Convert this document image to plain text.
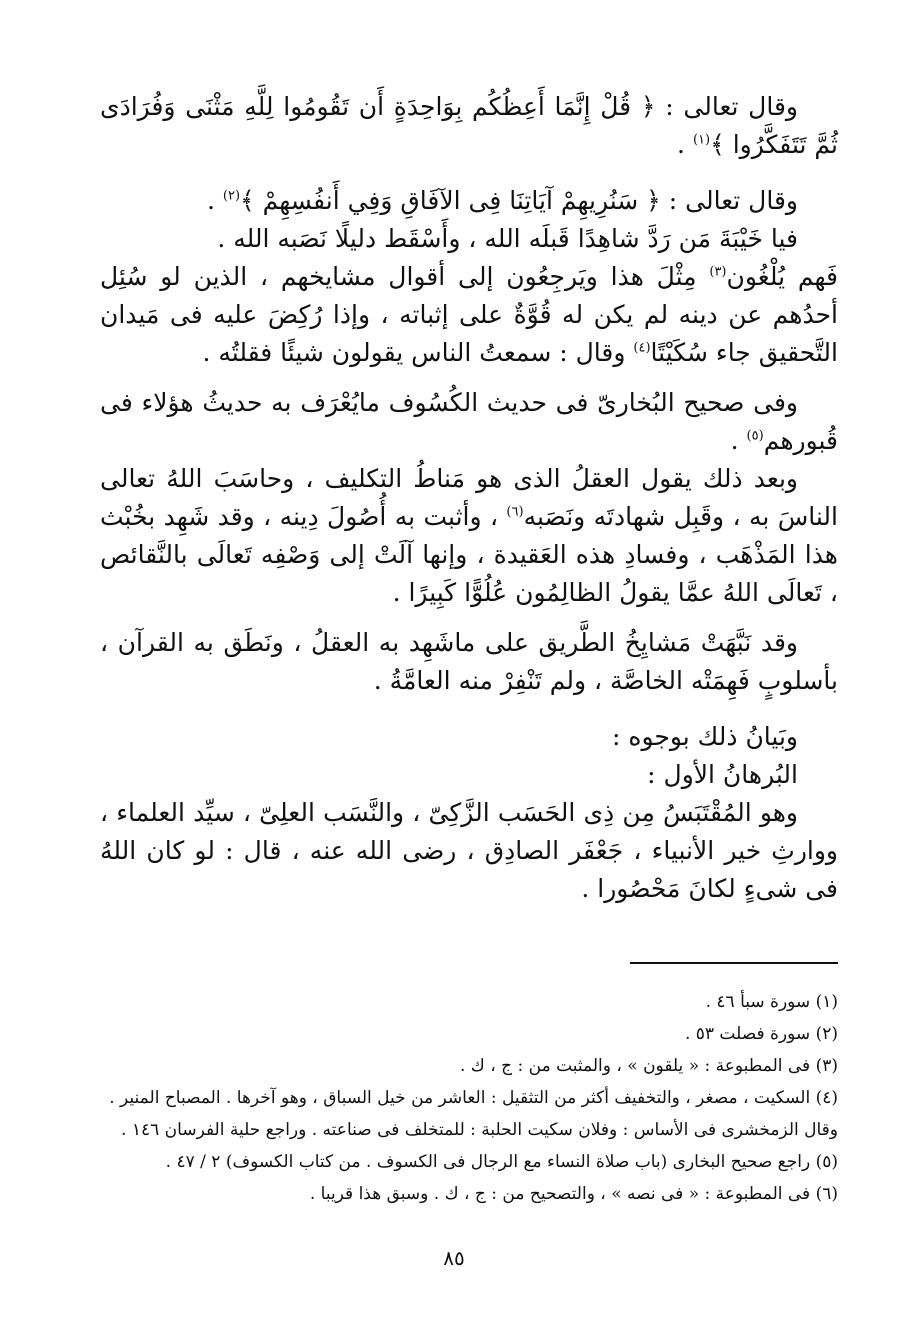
وقال تعالى : ﴿ قُلْ إِنَّمَا أَعِظُكُم بِوَاحِدَةٍ أَن تَقُومُوا لِلَّهِ مَثْنَى وَفُرَادَى ثُمَّ تَتَفَكَّرُوا ﴾$^{(١)}$ .

وقال تعالى : ﴿ سَنُرِيهِمْ آيَاتِنَا فِى الآفَاقِ وَفِي أَنفُسِهِمْ ﴾$^{(٢)}$ .

فيا خَيْبَةَ مَن رَدَّ شاهِدًا قَبلَه الله ، وأَسْقَط دليلًا نَصَبه الله .

فَهم يُلْغُون$^{(٣)}$ مِثْلَ هذا ويَرجِعُون إلى أقوال مشايخهم ، الذين لو سُئِل أحدُهم عن دينه لم يكن له قُوَّةٌ على إثباته ، وإذا رُكِضَ عليه فى مَيدان التَّحقيق جاء سُكَيْتًا$^{(٤)}$ وقال : سمعتُ الناس يقولون شيئًا فقلتُه .

وفى صحيح البُخارىّ فى حديث الكُسُوف مايُعْرَف به حديثُ هؤلاء فى قُبورهم$^{(٥)}$ .

وبعد ذلك يقول العقلُ الذى هو مَناطُ التكليف ، وحاسَبَ اللهُ تعالى الناسَ به ، وقَبِل شهادتَه ونَصَبه$^{(٦)}$ ، وأثبت به أُصُولَ دِينه ، وقد شَهِد بخُبْث هذا المَذْهَب ، وفسادِ هذه العَقيدة ، وإنها آلَتْ إلى وَصْفِه تَعالَى بالنَّقائص ، تَعالَى اللهُ عمَّا يقولُ الظالِمُون عُلُوًّا كَبِيرًا .

وقد نَبَّهَتْ مَشايِخُ الطَّريق على ماشَهِد به العقلُ ، ونَطَق به القرآن ، بأسلوبٍ فَهِمَتْه الخاصَّة ، ولم تَنْفِرْ منه العامَّةُ .

وبَيانُ ذلك بوجوه :

البُرهانُ الأول :

وهو المُقْتَبَسُ مِن ذِى الحَسَب الزَّكِىّ ، والنَّسَب العلِىّ ، سيِّد العلماء ، ووارثِ خير الأنبياء ، جَعْفَر الصادِق ، رضى الله عنه ، قال : لو كان اللهُ فى شىءٍ لكانَ مَحْصُورا .

(١) سورة سبأ ٤٦ .

(٢) سورة فصلت ٥٣ .

(٣) فى المطبوعة : « يلقون » ، والمثبت من : ج ، ك .

(٤) السكيت ، مصغر ، والتخفيف أكثر من التثقيل : العاشر من خيل السباق ، وهو آخرها . المصباح المنير .

وقال الزمخشرى فى الأساس : وفلان سكيت الحلبة : للمتخلف فى صناعته . وراجع حلية الفرسان ١٤٦ .

(٥) راجع صحيح البخارى (باب صلاة النساء مع الرجال فى الكسوف . من كتاب الكسوف) ٢ / ٤٧ .

(٦) فى المطبوعة : « فى نصه » ، والتصحيح من : ج ، ك . وسبق هذا قريبا .

٨٥
